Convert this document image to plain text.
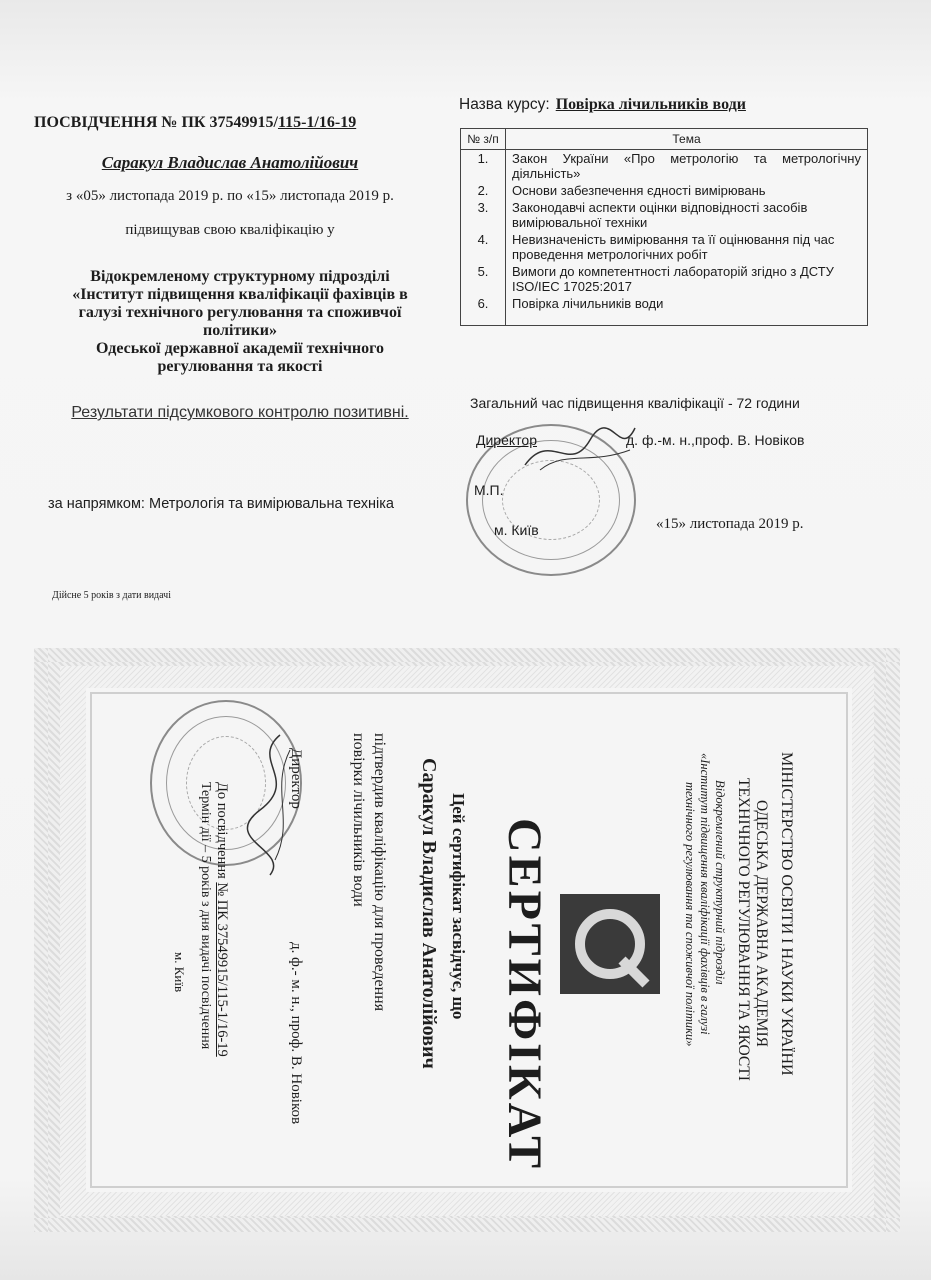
ПОСВІДЧЕННЯ № ПК 37549915/115-1/16-19
Саракул Владислав Анатолійович
з «05» листопада 2019 р. по «15» листопада 2019 р.
підвищував свою кваліфікацію у
Відокремленому структурному підрозділі
«Інститут підвищення кваліфікації фахівців в
галузі технічного регулювання та споживчої
політики»
Одеської державної академії технічного
регулювання та якості
Результати підсумкового контролю позитивні.
за напрямком: Метрологія та вимірювальна техніка
Дійсне 5 років з дати видачі
Назва курсу: Повірка лічильників води
№ з/п	Тема
1.	Закон України «Про метрологію та метрологічну діяльність»
2.	Основи забезпечення єдності вимірювань
3.	Законодавчі аспекти оцінки відповідності засобів вимірювальної техніки
4.	Невизначеність вимірювання та її оцінювання під час проведення метрологічних робіт
5.	Вимоги до компетентності лабораторій згідно з ДСТУ ISO/IEC 17025:2017
6.	Повірка лічильників води
Загальний час підвищення кваліфікації - 72 години
Директор	д. ф.-м. н.,проф. В. Новіков
М.П.
м. Київ	«15» листопада 2019 р.
МІНІСТЕРСТВО ОСВІТИ І НАУКИ УКРАЇНИ
ОДЕСЬКА ДЕРЖАВНА АКАДЕМІЯ
ТЕХНІЧНОГО РЕГУЛЮВАННЯ ТА ЯКОСТІ
Відокремлений структурний підрозділ
«Інститут підвищення кваліфікації фахівців в галузі
технічного регулювання та споживчої політики»
СЕРТИФІКАТ
Цей сертифікат засвідчує, що
Саракул Владислав Анатолійович
підтвердив кваліфікацію для проведення
повірки лічильників води
Директор
д. ф.- м. н., проф. В. Новіков
До посвідчення № ПК 37549915/115-1/16-19
Термін дії – 5 років з дня видачі посвідчення
м. Київ
